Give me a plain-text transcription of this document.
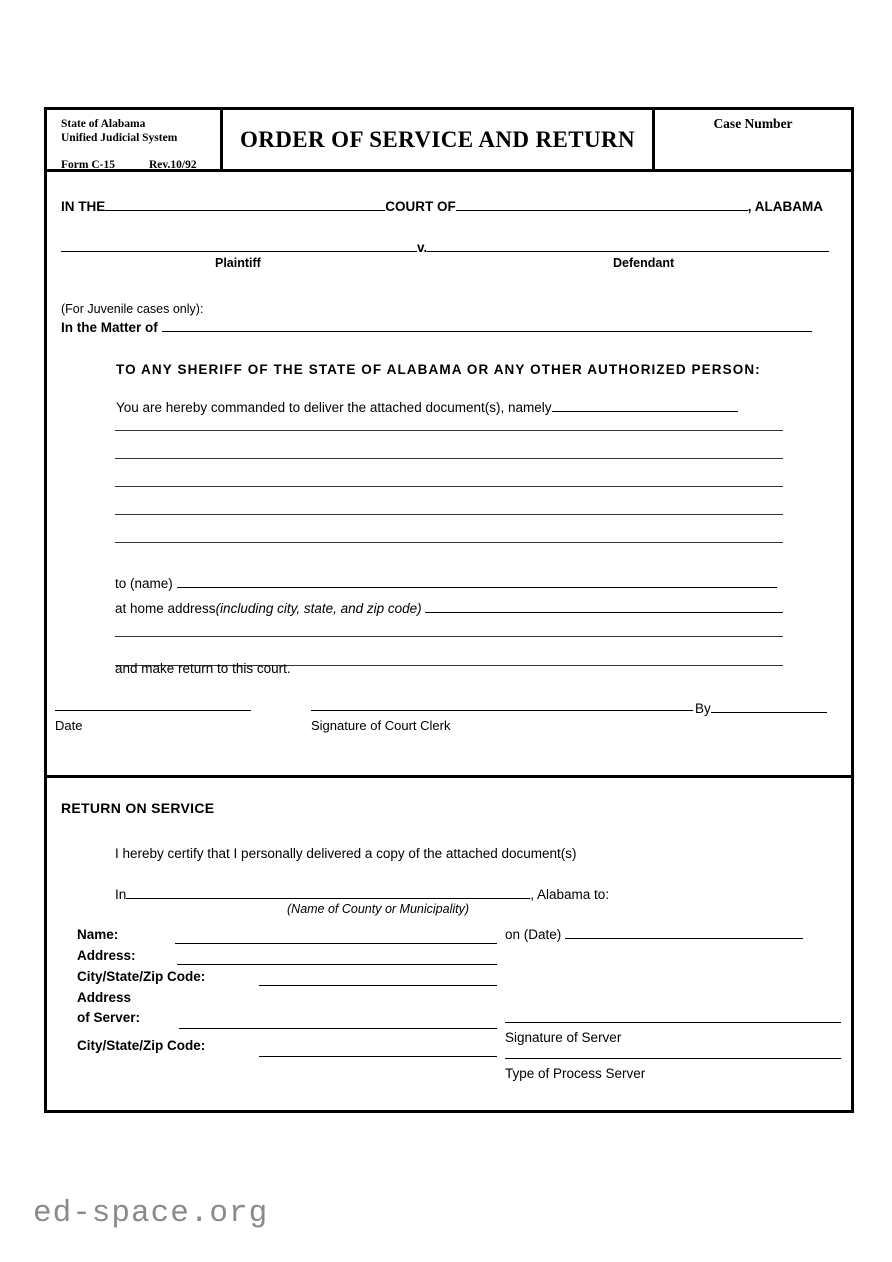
State of Alabama
Unified Judicial System
Form C-15	Rev.10/92
ORDER OF SERVICE AND RETURN
Case Number
IN THE	COURT OF	, ALABAMA
v.
Plaintiff	Defendant
(For Juvenile cases only):
In the Matter of
TO ANY SHERIFF OF THE STATE OF ALABAMA OR ANY OTHER AUTHORIZED PERSON:
You are hereby commanded to deliver the attached document(s), namely
to (name)
at home address(including city, state, and zip code)
and make return to this court.
Date	Signature of Court Clerk
By
RETURN ON SERVICE
I hereby certify that I personally delivered a copy of the attached document(s)
In	, Alabama to:
(Name of County or Municipality)
Name:
Address:
City/State/Zip Code:
Address
of Server:
City/State/Zip Code:
on (Date)
Signature of Server
Type of Process Server
ed-space.org
